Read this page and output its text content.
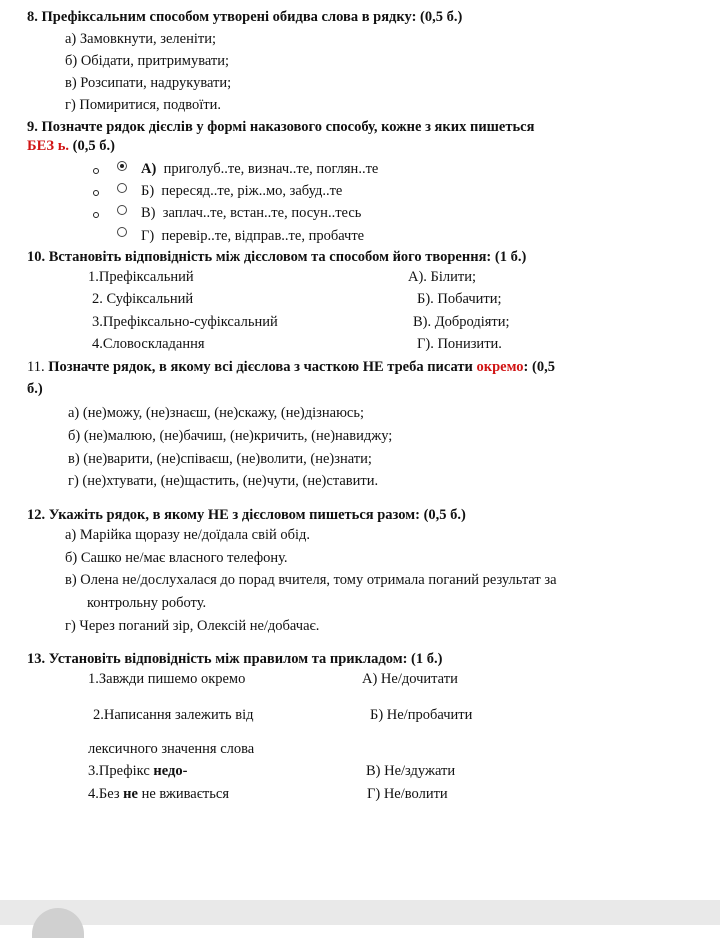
8. Префіксальним способом утворені обидва слова в рядку: (0,5 б.)
а) Замовкнути, зеленіти;
б) Обідати, притримувати;
в) Розсипати, надрукувати;
г) Помиритися, подвоїти.
9. Позначте рядок дієслів у формі наказового способу, кожне з яких пишеться
БЕЗ ь. (0,5 б.)
А) приголуб..те, визнач..те, поглян..те
Б) пересяд..те, ріж..мо, забуд..те
В) заплач..те, встан..те, посун..тесь
Г) перевір..те, відправ..те, пробачте
10. Встановіть відповідність між дієсловом та способом його творення: (1 б.)
1.Префіксальний
2. Суфіксальний
3.Префіксально-суфіксальний
4.Словоскладання
А). Білити;
Б). Побачити;
В). Добродіяти;
Г). Понизити.
11. Позначте рядок, в якому всі дієслова з часткою НЕ треба писати окремо: (0,5
б.)
а) (не)можу, (не)знаєш, (не)скажу, (не)дізнаюсь;
б) (не)малюю, (не)бачиш, (не)кричить, (не)навиджу;
в) (не)варити, (не)співаєш, (не)волити, (не)знати;
г) (не)хтувати, (не)щастить, (не)чути, (не)ставити.
12. Укажіть рядок, в якому НЕ з дієсловом пишеться разом: (0,5 б.)
а) Марійка щоразу не/доїдала свій обід.
б) Сашко не/має власного телефону.
в) Олена не/дослухалася до порад вчителя, тому отримала поганий результат за
контрольну роботу.
г) Через поганий зір, Олексій не/добачає.
13. Установіть відповідність між правилом та прикладом: (1 б.)
1.Завжди пишемо окремо
2.Написання залежить від
лексичного значення слова
3.Префікс недо-
4.Без не не вживається
А) Не/дочитати
Б) Не/пробачити
В) Не/здужати
Г) Не/волити
